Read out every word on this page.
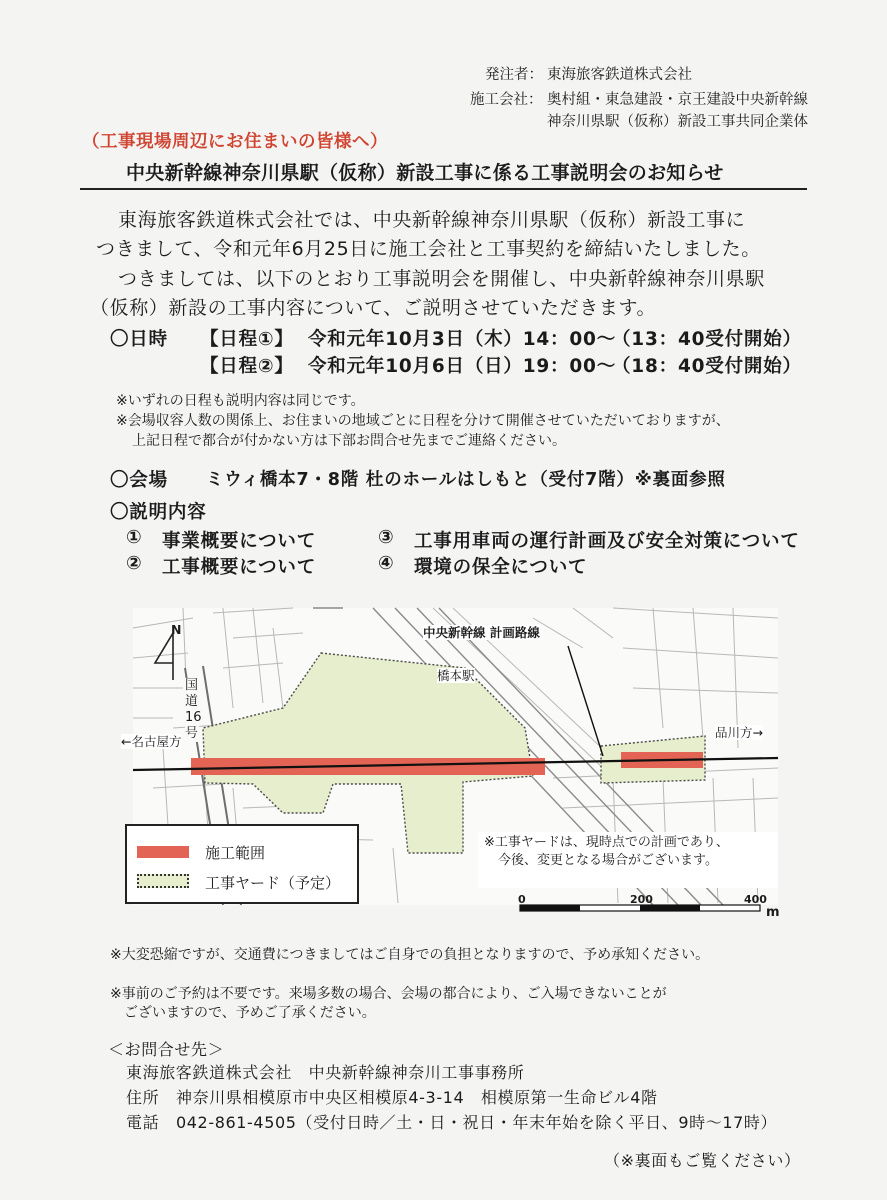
発注者： 東海旅客鉄道株式会社
施工会社： 奥村組・東急建設・京王建設中央新幹線
神奈川県駅（仮称）新設工事共同企業体
（工事現場周辺にお住まいの皆様へ）
中央新幹線神奈川県駅（仮称）新設工事に係る工事説明会のお知らせ
東海旅客鉄道株式会社では、中央新幹線神奈川県駅（仮称）新設工事に
つきまして、令和元年6月25日に施工会社と工事契約を締結いたしました。
つきましては、以下のとおり工事説明会を開催し、中央新幹線神奈川県駅
（仮称）新設の工事内容について、ご説明させていただきます。
〇日時 【日程①】 令和元年10月3日（木）14：00～
（13：40受付開始）
【日程②】 令和元年10月6日（日）19：00～
（18：40受付開始）
※いずれの日程も説明内容は同じです。
※会場収容人数の関係上、お住まいの地域ごとに日程を分けて開催させていただいておりますが、
上記日程で都合が付かない方は下部お問合せ先までご連絡ください。
〇会場 ミウィ橋本7・8階 杜のホールはしもと（受付7階）※裏面参照
〇説明内容
① 事業概要について
② 工事概要について
③ 工事用車両の運行計画及び安全対策について
④ 環境の保全について
N	中央新幹線 計画路線
橋本駅
国道16号
←名古屋方
品川方→
施工範囲
工事ヤード（予定）
※工事ヤードは、現時点での計画であり、
今後、変更となる場合がございます。
0	200	400
m
※大変恐縮ですが、交通費につきましてはご自身での負担となりますので、予め承知ください。
※事前のご予約は不要です。来場多数の場合、会場の都合により、ご入場できないことが
ございますので、予めご了承ください。
＜お問合せ先＞
東海旅客鉄道株式会社　中央新幹線神奈川工事事務所
住所 神奈川県相模原市中央区相模原4-3-14　相模原第一生命ビル4階
電話 042-861-4505（受付日時／土・日・祝日・年末年始を除く平日、9時～17時）
（※裏面もご覧ください）
